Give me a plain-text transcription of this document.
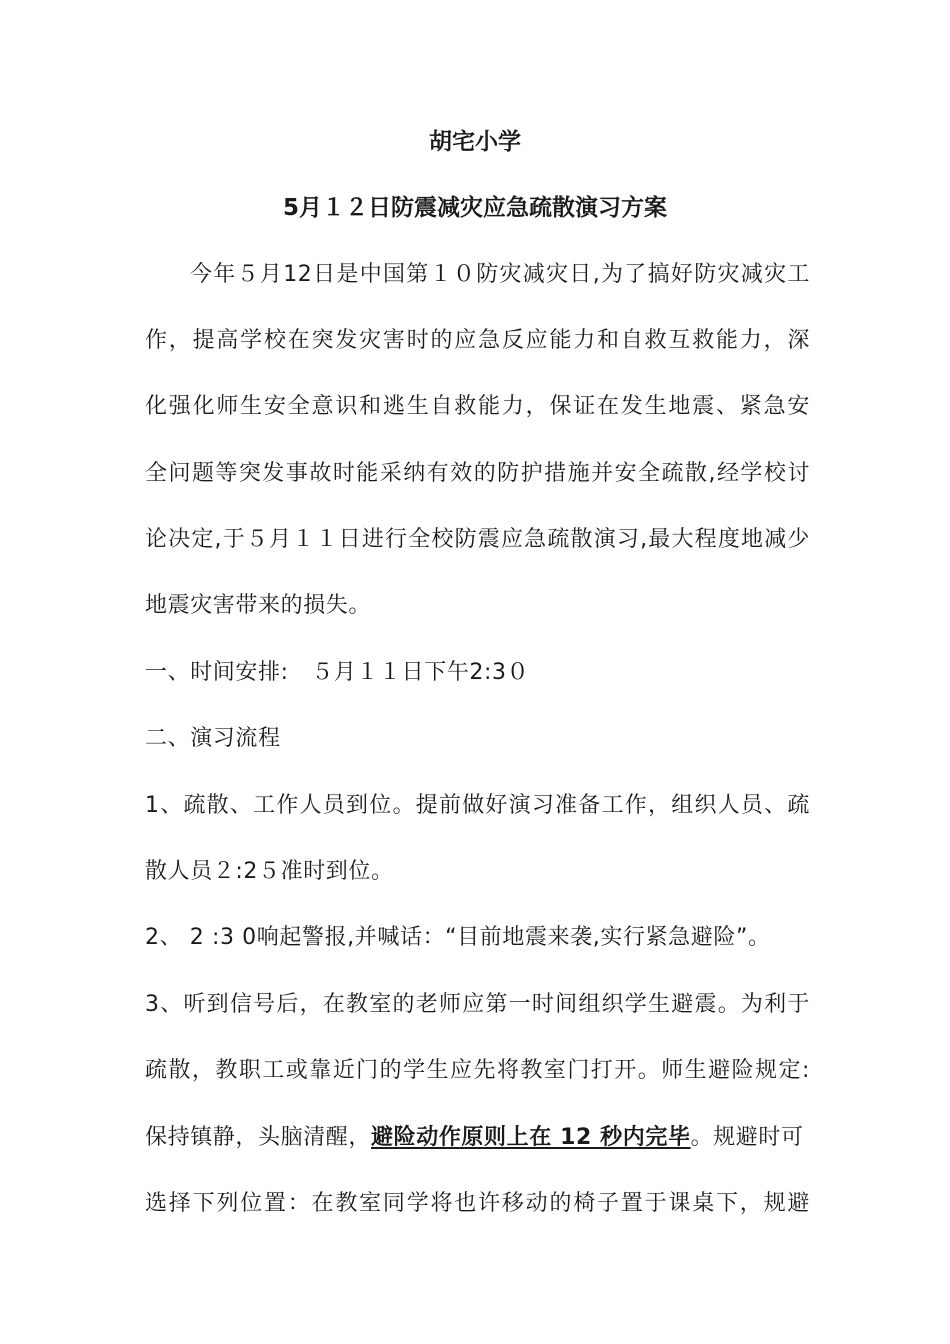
胡宅小学
5月１２日防震减灾应急疏散演习方案
今年５月12日是中国第１０防灾减灾日,为了搞好防灾减灾工
作，提高学校在突发灾害时的应急反应能力和自救互救能力，深
化强化师生安全意识和逃生自救能力，保证在发生地震、紧急安
全问题等突发事故时能采纳有效的防护措施并安全疏散,经学校讨
论决定,于５月１１日进行全校防震应急疏散演习,最大程度地减少
地震灾害带来的损失。
一、时间安排:　５月１１日下午2:3０
二、演习流程
1、疏散、工作人员到位。提前做好演习准备工作，组织人员、疏
散人员２:2５准时到位。
2、 2 :3 0响起警报,并喊话：“目前地震来袭,实行紧急避险”。
3、听到信号后，在教室的老师应第一时间组织学生避震。为利于
疏散，教职工或靠近门的学生应先将教室门打开。师生避险规定:
保持镇静，头脑清醒，避险动作原则上在 12 秒内完毕。规避时可
选择下列位置：在教室同学将也许移动的椅子置于课桌下，规避
